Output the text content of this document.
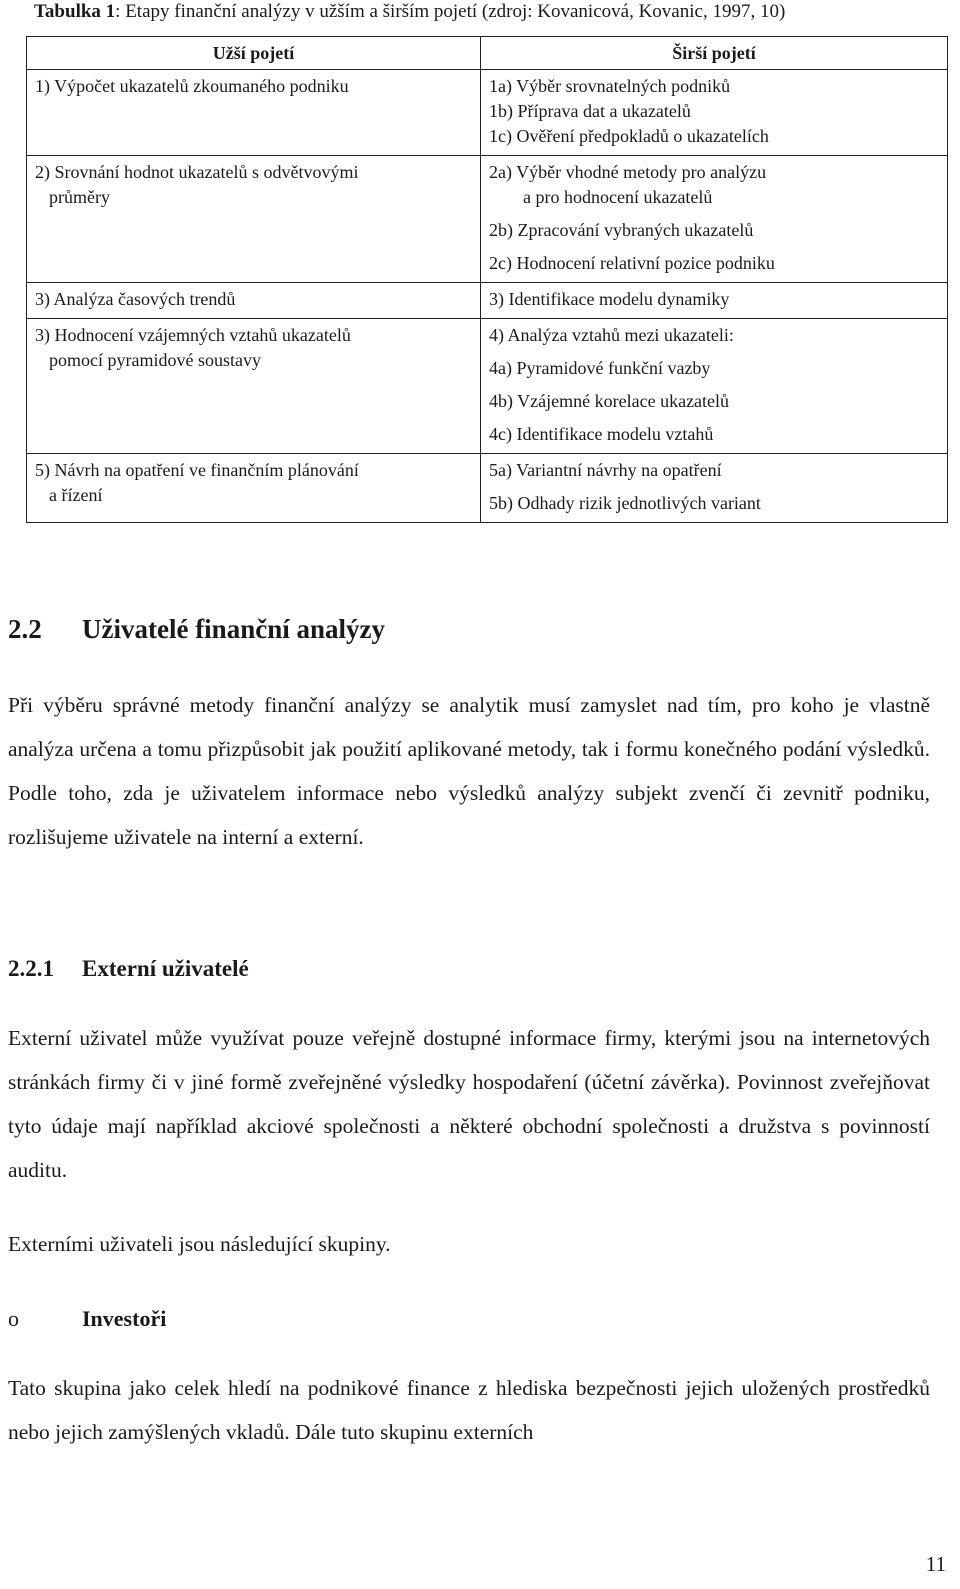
Tabulka 1: Etapy finanční analýzy v užším a širším pojetí (zdroj: Kovanicová, Kovanic, 1997, 10)
Užší pojetí	Širší pojetí

1) Výpočet ukazatelů zkoumaného podniku	1a) Výběr srovnatelných podniků
1b) Příprava dat a ukazatelů
1c) Ověření předpokladů o ukazatelích

2) Srovnání hodnot ukazatelů s odvětvovými
průměry	2a) Výběr vhodné metody pro analýzu
a pro hodnocení ukazatelů
2b) Zpracování vybraných ukazatelů
2c) Hodnocení relativní pozice podniku

3) Analýza časových trendů	3) Identifikace modelu dynamiky

3) Hodnocení vzájemných vztahů ukazatelů
pomocí pyramidové soustavy	4) Analýza vztahů mezi ukazateli:
4a) Pyramidové funkční vazby
4b) Vzájemné korelace ukazatelů
4c) Identifikace modelu vztahů

5) Návrh na opatření ve finančním plánování
a řízení	5a) Variantní návrhy na opatření
5b) Odhady rizik jednotlivých variant
2.2 Uživatelé finanční analýzy

Při výběru správné metody finanční analýzy se analytik musí zamyslet nad tím, pro koho je vlastně analýza určena a tomu přizpůsobit jak použití aplikované metody, tak i formu konečného podání výsledků. Podle toho, zda je uživatelem informace nebo výsledků analýzy subjekt zvenčí či zevnitř podniku, rozlišujeme uživatele na interní a externí.

2.2.1 Externí uživatelé

Externí uživatel může využívat pouze veřejně dostupné informace firmy, kterými jsou na internetových stránkách firmy či v jiné formě zveřejněné výsledky hospodaření (účetní závěrka). Povinnost zveřejňovat tyto údaje mají například akciové společnosti a některé obchodní společnosti a družstva s povinností auditu.

Externími uživateli jsou následující skupiny.

o	Investoři

Tato skupina jako celek hledí na podnikové finance z hlediska bezpečnosti jejich uložených prostředků nebo jejich zamýšlených vkladů. Dále tuto skupinu externích

11
